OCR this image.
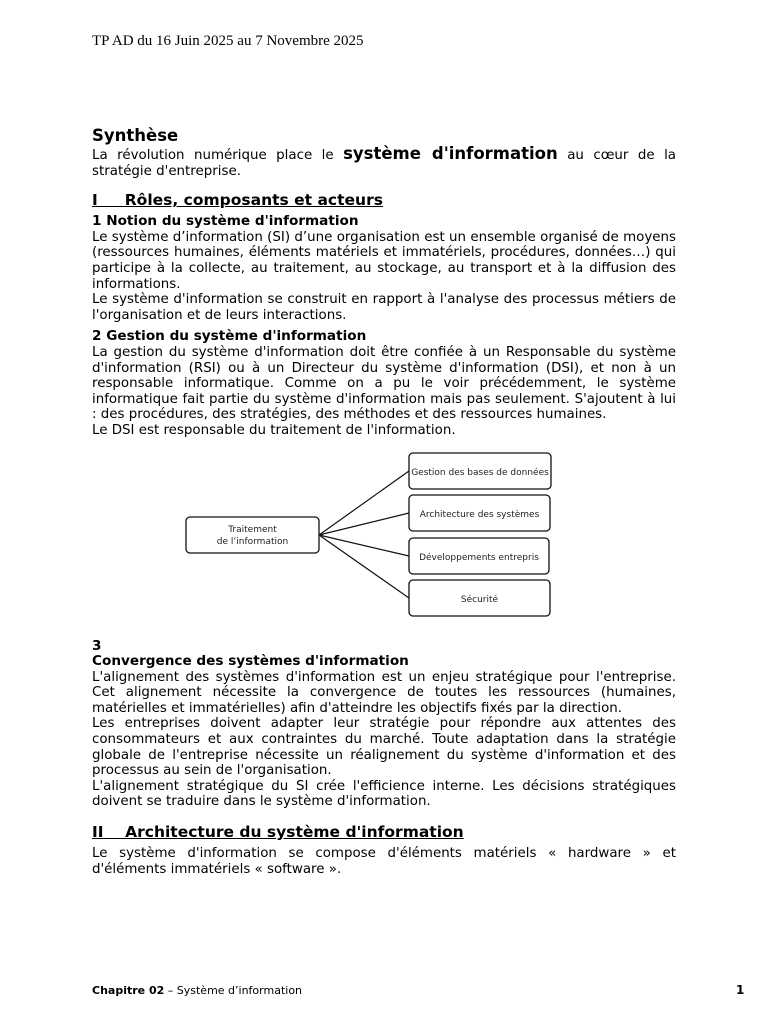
TP AD du 16 Juin 2025 au 7 Novembre 2025

Synthèse

La révolution numérique place le système d'information au cœur de la stratégie d'entreprise.

I     Rôles, composants et acteurs

1 Notion du système d'information

Le système d’information (SI) d’une organisation est un ensemble organisé de moyens (ressources humaines, éléments matériels et immatériels, procédures, données…) qui participe à la collecte, au traitement, au stockage, au transport et à la diffusion des informations.

Le système d'information se construit en rapport à l'analyse des processus métiers de l'organisation et de leurs interactions.

2 Gestion du système d'information

La gestion du système d'information doit être confiée à un Responsable du système d'information (RSI) ou à un Directeur du système d'information (DSI), et non à un responsable informatique. Comme on a pu le voir précédemment, le système informatique fait partie du système d'information mais pas seulement. S'ajoutent à lui : des procédures, des stratégies, des méthodes et des ressources humaines.

Le DSI est responsable du traitement de l'information.

Traitement
de l’information
Gestion des bases de données
Architecture des systèmes
Développements entrepris
Sécurité

3

Convergence des systèmes d'information

L'alignement des systèmes d'information est un enjeu stratégique pour l'entreprise. Cet alignement nécessite la convergence de toutes les ressources (humaines, matérielles et immatérielles) afin d'atteindre les objectifs fixés par la direction.

Les entreprises doivent adapter leur stratégie pour répondre aux attentes des consommateurs et aux contraintes du marché. Toute adaptation dans la stratégie globale de l'entreprise nécessite un réalignement du système d'information et des processus au sein de l'organisation.

L'alignement stratégique du SI crée l'efficience interne. Les décisions stratégiques doivent se traduire dans le système d'information.

II    Architecture du système d'information

Le système d'information se compose d'éléments matériels « hardware » et d'éléments immatériels « software ».

Chapitre 02 – Système d’information	1
